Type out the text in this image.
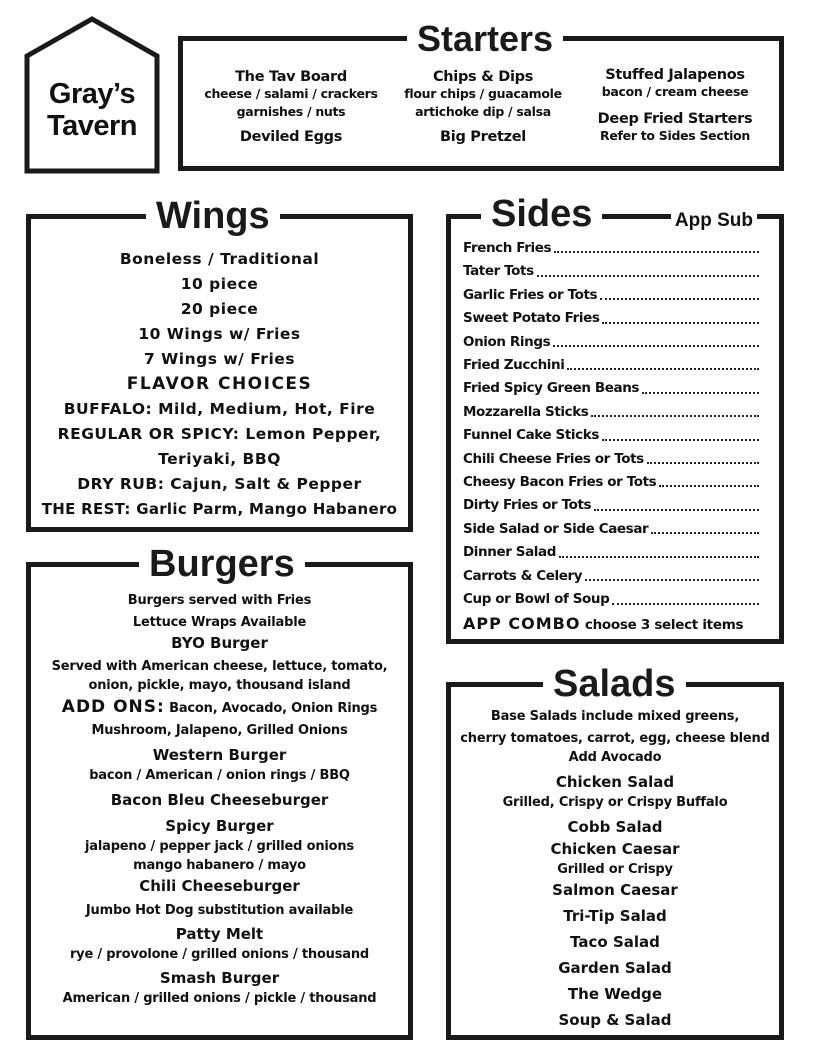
Gray’s
Tavern
Starters
The Tav Board
cheese / salami / crackers
garnishes / nuts
Deviled Eggs
Chips & Dips
flour chips / guacamole
artichoke dip / salsa
Big Pretzel
Stuffed Jalapenos
bacon / cream cheese
Deep Fried Starters
Refer to Sides Section
Wings
Boneless / Traditional
10 piece
20 piece
10 Wings w/ Fries
7 Wings w/ Fries
FLAVOR CHOICES
BUFFALO: Mild, Medium, Hot, Fire
REGULAR OR SPICY: Lemon Pepper,
Teriyaki, BBQ
DRY RUB: Cajun, Salt & Pepper
THE REST: Garlic Parm, Mango Habanero
Burgers
Burgers served with Fries
Lettuce Wraps Available
BYO Burger
Served with American cheese, lettuce, tomato,
onion, pickle, mayo, thousand island
ADD ONS: Bacon, Avocado, Onion Rings
Mushroom, Jalapeno, Grilled Onions
Western Burger
bacon / American / onion rings / BBQ
Bacon Bleu Cheeseburger
Spicy Burger
jalapeno / pepper jack / grilled onions
mango habanero / mayo
Chili Cheeseburger
Jumbo Hot Dog substitution available
Patty Melt
rye / provolone / grilled onions / thousand
Smash Burger
American / grilled onions / pickle / thousand
Sides	App Sub
French Fries
Tater Tots
Garlic Fries or Tots
Sweet Potato Fries
Onion Rings
Fried Zucchini
Fried Spicy Green Beans
Mozzarella Sticks
Funnel Cake Sticks
Chili Cheese Fries or Tots
Cheesy Bacon Fries or Tots
Dirty Fries or Tots
Side Salad or Side Caesar
Dinner Salad
Carrots & Celery
Cup or Bowl of Soup
APP COMBO choose 3 select items
Salads
Base Salads include mixed greens,
cherry tomatoes, carrot, egg, cheese blend
Add Avocado
Chicken Salad
Grilled, Crispy or Crispy Buffalo
Cobb Salad
Chicken Caesar
Grilled or Crispy
Salmon Caesar
Tri-Tip Salad
Taco Salad
Garden Salad
The Wedge
Soup & Salad
